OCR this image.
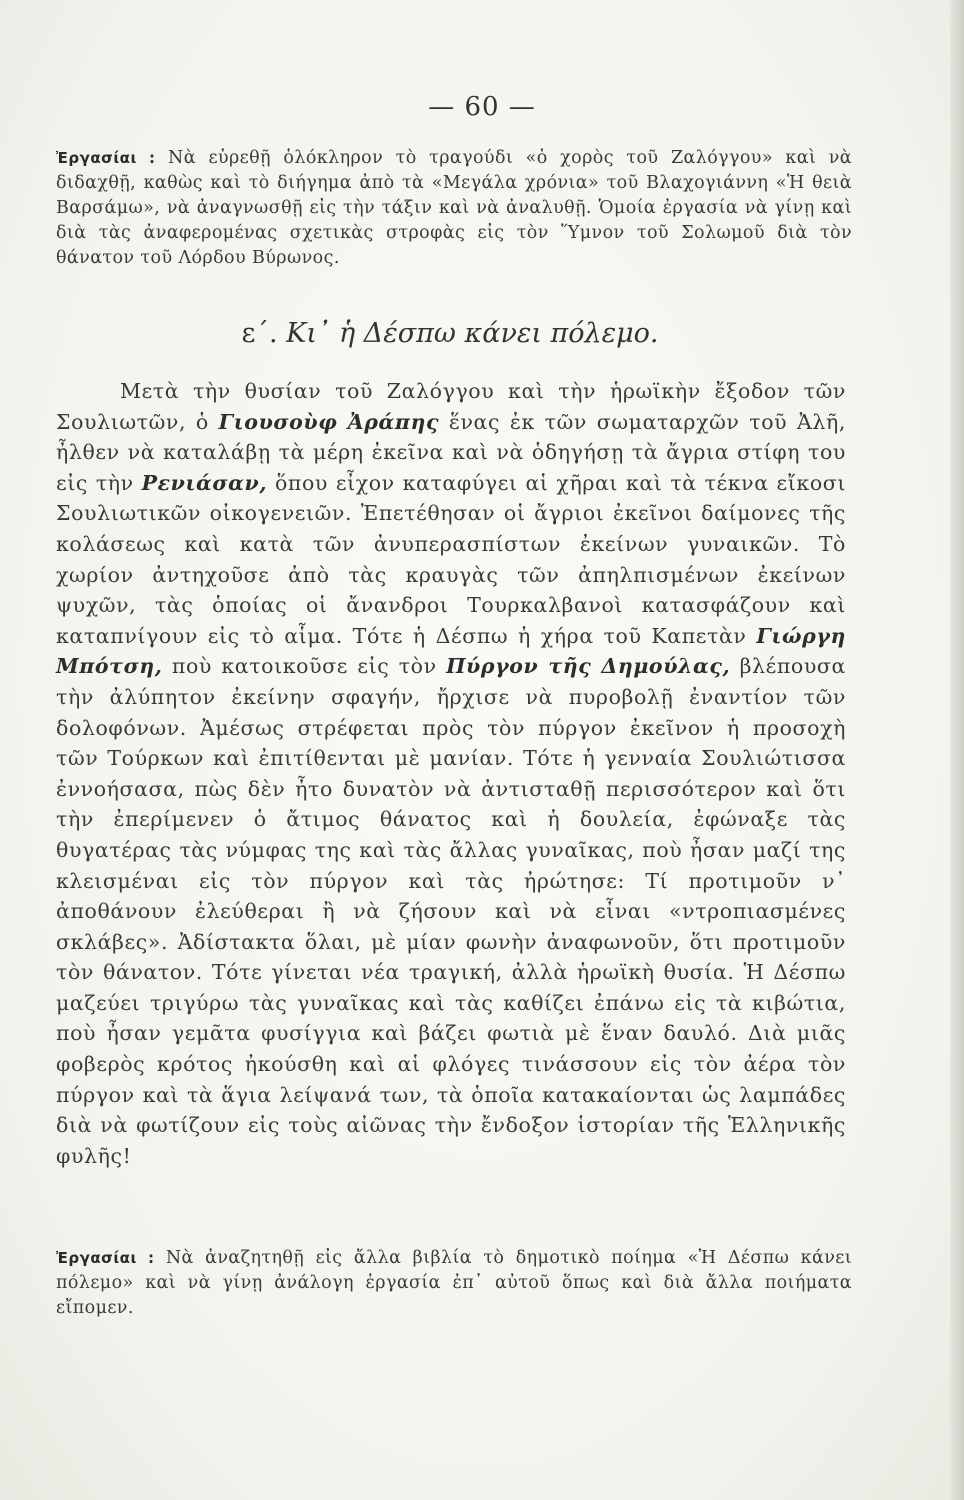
— 60 —

Ἐργασίαι : Νὰ εὑρεθῇ ὁλόκληρον τὸ τραγούδι «ὁ χορὸς τοῦ Ζαλόγγου» καὶ νὰ διδαχθῇ, καθὼς καὶ τὸ διήγημα ἀπὸ τὰ «Μεγάλα χρόνια» τοῦ Βλαχογιάννη «Ἡ θειὰ Βαρσάμω», νὰ ἀναγνωσθῇ εἰς τὴν τάξιν καὶ νὰ ἀναλυθῇ. Ὁμοία ἐργασία νὰ γίνῃ καὶ διὰ τὰς ἀναφερομένας σχετικὰς στροφὰς εἰς τὸν Ὕμνον τοῦ Σολωμοῦ διὰ τὸν θάνατον τοῦ Λόρδου Βύρωνος.

ε΄. Κι᾿ ἡ Δέσπω κάνει πόλεμο.

Μετὰ τὴν θυσίαν τοῦ Ζαλόγγου καὶ τὴν ἡρωϊκὴν ἔξοδον τῶν Σουλιωτῶν, ὁ Γιουσοὺφ Ἀράπης ἕνας ἐκ τῶν σωματαρχῶν τοῦ Ἀλῆ, ἦλθεν νὰ καταλάβῃ τὰ μέρη ἐκεῖνα καὶ νὰ ὁδηγήσῃ τὰ ἄγρια στίφη του εἰς τὴν Ρενιάσαν, ὅπου εἶχον καταφύγει αἱ χῆραι καὶ τὰ τέκνα εἴκοσι Σουλιωτικῶν οἰκογενειῶν. Ἐπετέθησαν οἱ ἄγριοι ἐκεῖνοι δαίμονες τῆς κολάσεως καὶ κατὰ τῶν ἀνυπερασπίστων ἐκείνων γυναικῶν. Τὸ χωρίον ἀντηχοῦσε ἀπὸ τὰς κραυγὰς τῶν ἀπηλπισμένων ἐκείνων ψυχῶν, τὰς ὁποίας οἱ ἄνανδροι Τουρκαλβανοὶ κατασφάζουν καὶ καταπνίγουν εἰς τὸ αἷμα. Τότε ἡ Δέσπω ἡ χήρα τοῦ Καπετὰν Γιώργη Μπότση, ποὺ κατοικοῦσε εἰς τὸν Πύργον τῆς Δημούλας, βλέπουσα τὴν ἀλύπητον ἐκείνην σφαγήν, ἤρχισε νὰ πυροβολῇ ἐναντίον τῶν δολοφόνων. Ἀμέσως στρέφεται πρὸς τὸν πύργον ἐκεῖνον ἡ προσοχὴ τῶν Τούρκων καὶ ἐπιτίθενται μὲ μανίαν. Τότε ἡ γενναία Σουλιώτισσα ἐννοήσασα, πὼς δὲν ἦτο δυνατὸν νὰ ἀντισταθῇ περισσότερον καὶ ὅτι τὴν ἐπερίμενεν ὁ ἄτιμος θάνατος καὶ ἡ δουλεία, ἐφώναξε τὰς θυγατέρας τὰς νύμφας της καὶ τὰς ἄλλας γυναῖκας, ποὺ ἦσαν μαζί της κλεισμέναι εἰς τὸν πύργον καὶ τὰς ἠρώτησε: Τί προτιμοῦν ν᾿ ἀποθάνουν ἐλεύθεραι ἢ νὰ ζήσουν καὶ νὰ εἶναι «ντροπιασμένες σκλάβες». Ἀδίστακτα ὅλαι, μὲ μίαν φωνὴν ἀναφωνοῦν, ὅτι προτιμοῦν τὸν θάνατον. Τότε γίνεται νέα τραγική, ἀλλὰ ἡρωϊκὴ θυσία. Ἡ Δέσπω μαζεύει τριγύρω τὰς γυναῖκας καὶ τὰς καθίζει ἐπάνω εἰς τὰ κιβώτια, ποὺ ἦσαν γεμᾶτα φυσίγγια καὶ βάζει φωτιὰ μὲ ἕναν δαυλό. Διὰ μιᾶς φοβερὸς κρότος ἠκούσθη καὶ αἱ φλόγες τινάσσουν εἰς τὸν ἀέρα τὸν πύργον καὶ τὰ ἅγια λείψανά των, τὰ ὁποῖα κατακαίονται ὡς λαμπάδες διὰ νὰ φωτίζουν εἰς τοὺς αἰῶνας τὴν ἔνδοξον ἱστορίαν τῆς Ἑλληνικῆς φυλῆς!

Ἐργασίαι : Νὰ ἀναζητηθῇ εἰς ἄλλα βιβλία τὸ δημοτικὸ ποίημα «Ἡ Δέσπω κάνει πόλεμο» καὶ νὰ γίνῃ ἀνάλογη ἐργασία ἐπ᾿ αὐτοῦ ὅπως καὶ διὰ ἄλλα ποιήματα εἴπομεν.
